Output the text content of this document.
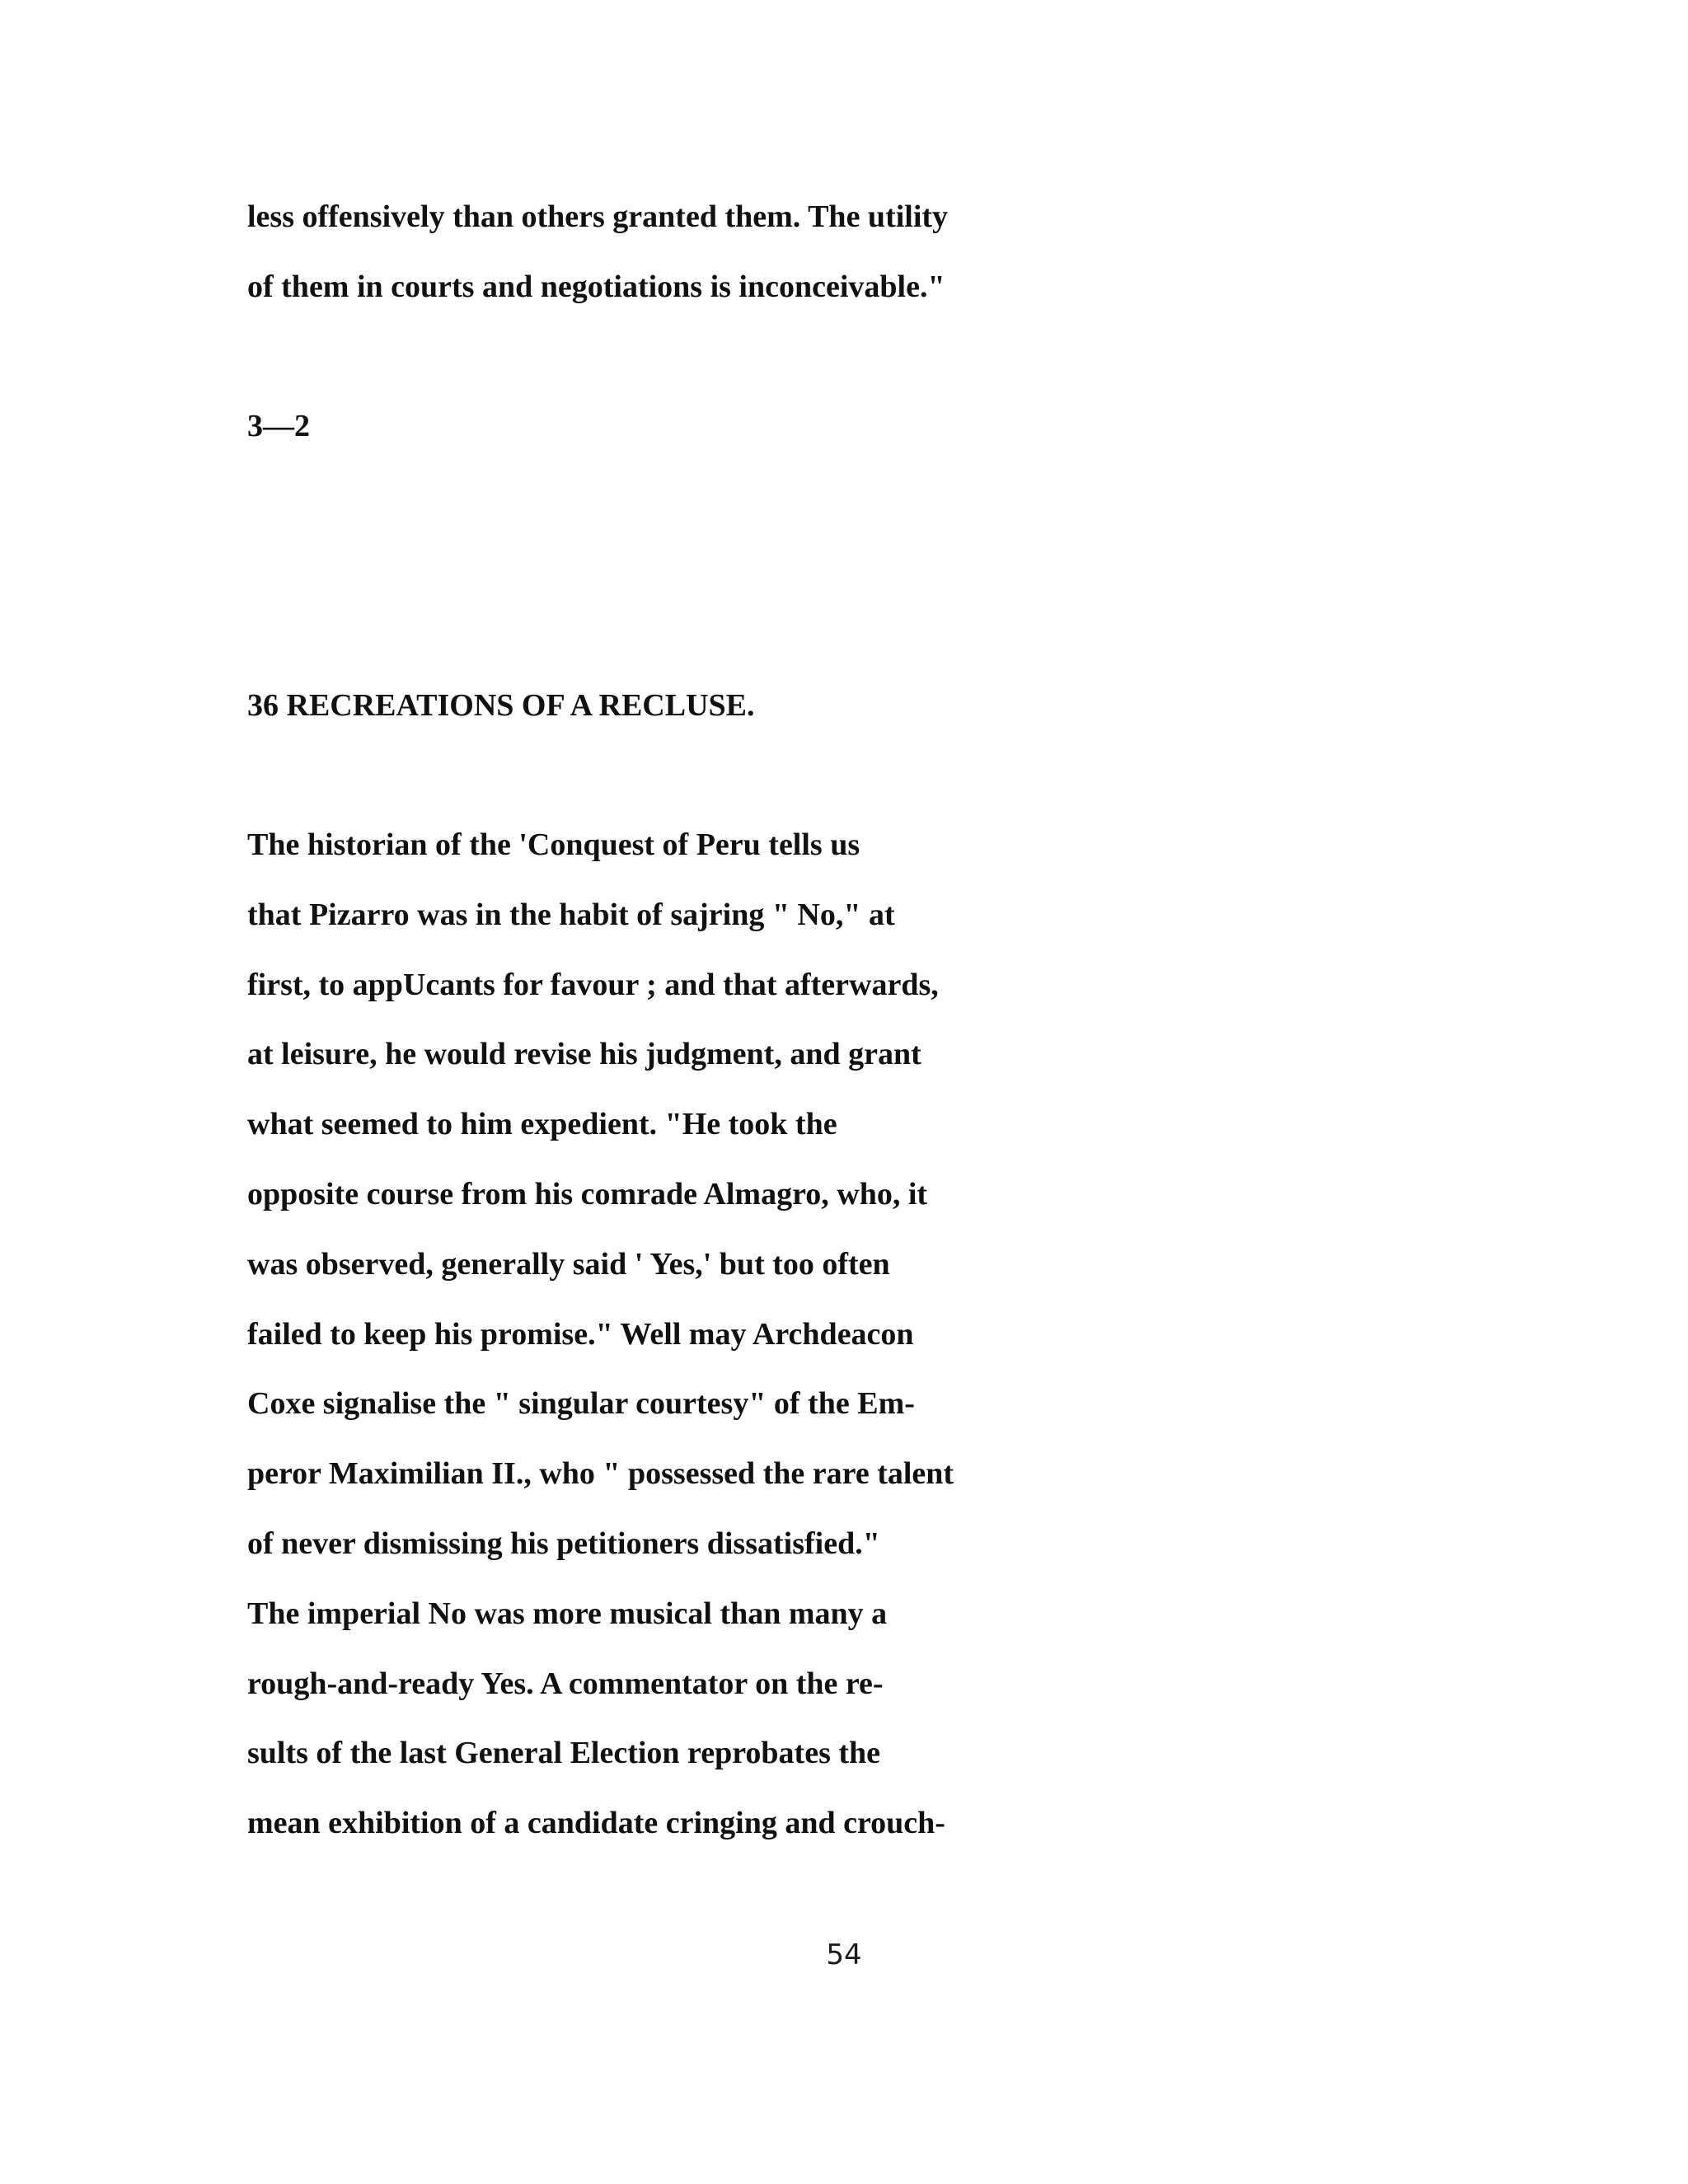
less offensively than others granted them. The utility
of them in courts and negotiations is inconceivable."
3—2
36 RECREATIONS OF A RECLUSE.
The historian of the 'Conquest of Peru tells us
that Pizarro was in the habit of sajring " No," at
first, to appUcants for favour ; and that afterwards,
at leisure, he would revise his judgment, and grant
what seemed to him expedient. "He took the
opposite course from his comrade Almagro, who, it
was observed, generally said ' Yes,' but too often
failed to keep his promise." Well may Archdeacon
Coxe signalise the " singular courtesy" of the Em-
peror Maximilian II., who " possessed the rare talent
of never dismissing his petitioners dissatisfied."
The imperial No was more musical than many a
rough-and-ready Yes. A commentator on the re-
sults of the last General Election reprobates the
mean exhibition of a candidate cringing and crouch-
54
